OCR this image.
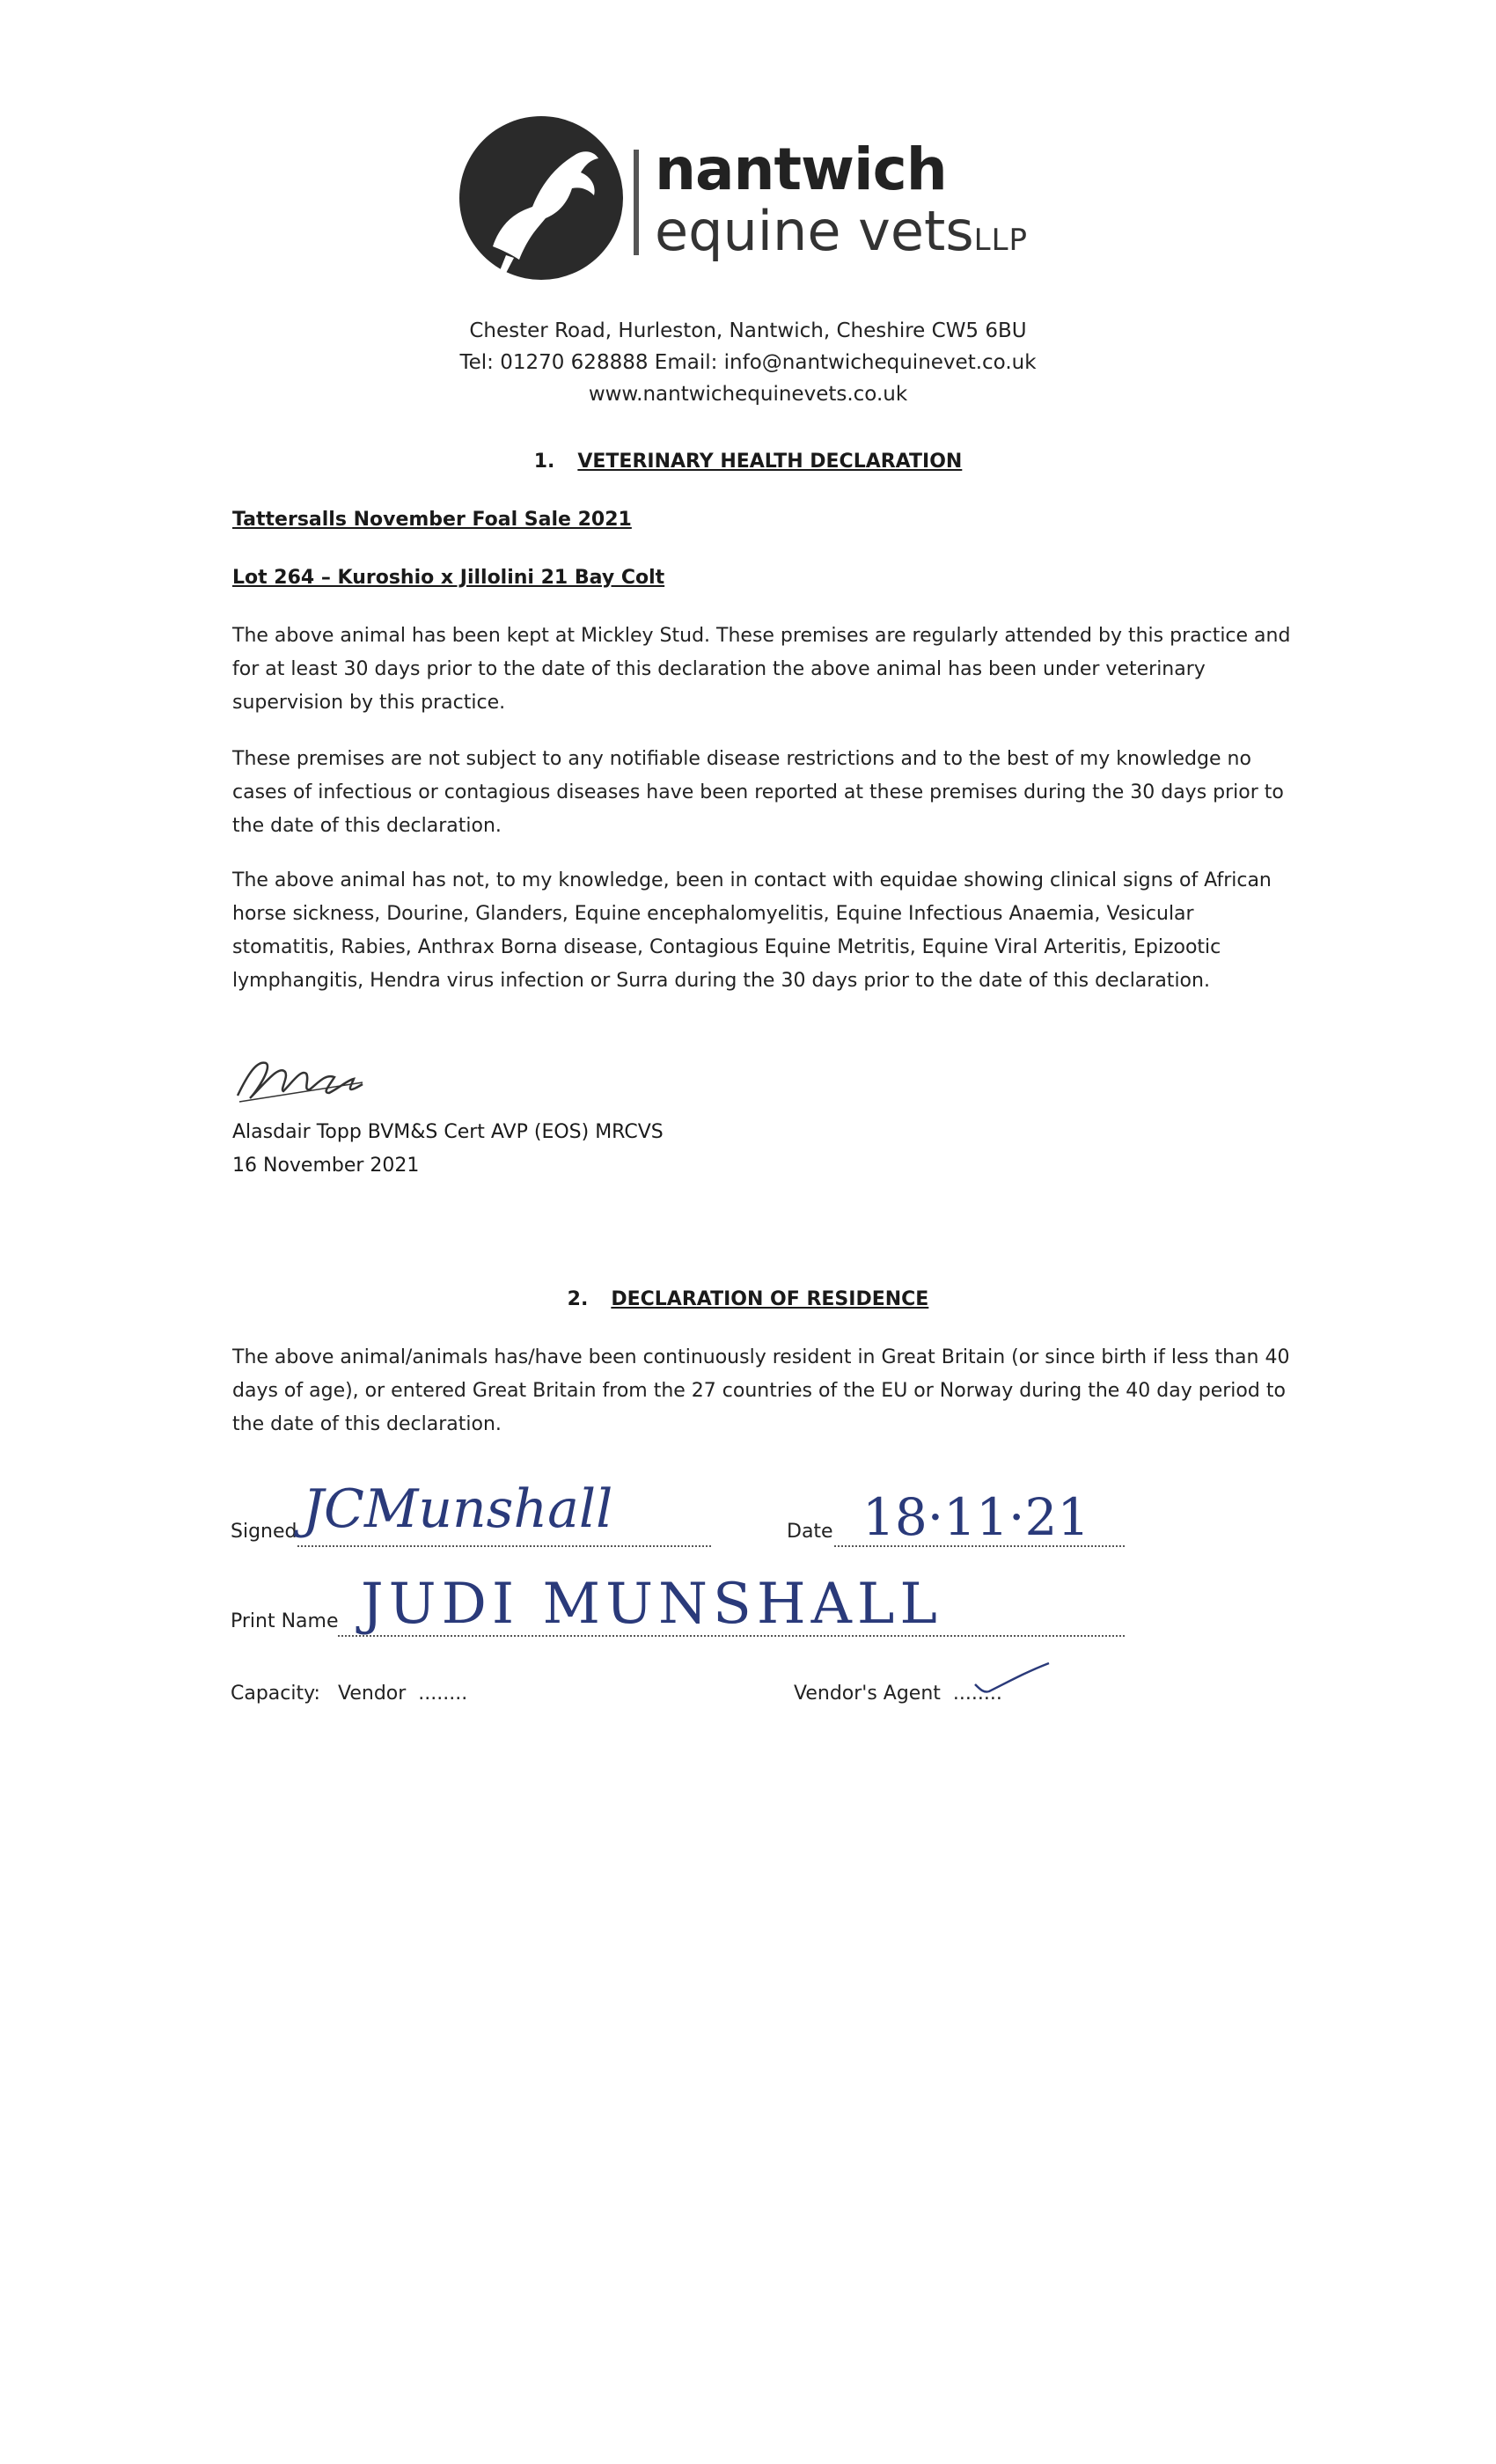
nantwich
equine vetsLLP
Chester Road, Hurleston, Nantwich, Cheshire CW5 6BU
Tel: 01270 628888 Email: info@nantwichequinevet.co.uk
www.nantwichequinevets.co.uk
1. VETERINARY HEALTH DECLARATION
Tattersalls November Foal Sale 2021
Lot 264 – Kuroshio x Jillolini 21 Bay Colt
The above animal has been kept at Mickley Stud. These premises are regularly attended by this practice and for at least 30 days prior to the date of this declaration the above animal has been under veterinary supervision by this practice.
These premises are not subject to any notifiable disease restrictions and to the best of my knowledge no cases of infectious or contagious diseases have been reported at these premises during the 30 days prior to the date of this declaration.
The above animal has not, to my knowledge, been in contact with equidae showing clinical signs of African horse sickness, Dourine, Glanders, Equine encephalomyelitis, Equine Infectious Anaemia, Vesicular stomatitis, Rabies, Anthrax Borna disease, Contagious Equine Metritis, Equine Viral Arteritis, Epizootic lymphangitis, Hendra virus infection or Surra during the 30 days prior to the date of this declaration.
Alasdair Topp BVM&S Cert AVP (EOS) MRCVS
16 November 2021
2. DECLARATION OF RESIDENCE
The above animal/animals has/have been continuously resident in Great Britain (or since birth if less than 40 days of age), or entered Great Britain from the 27 countries of the EU or Norway during the 40 day period to the date of this declaration.
Signed JCMunshall	Date 18·11·21
Print Name JUDI MUNSHALL
Capacity: Vendor ........	Vendor's Agent ........
